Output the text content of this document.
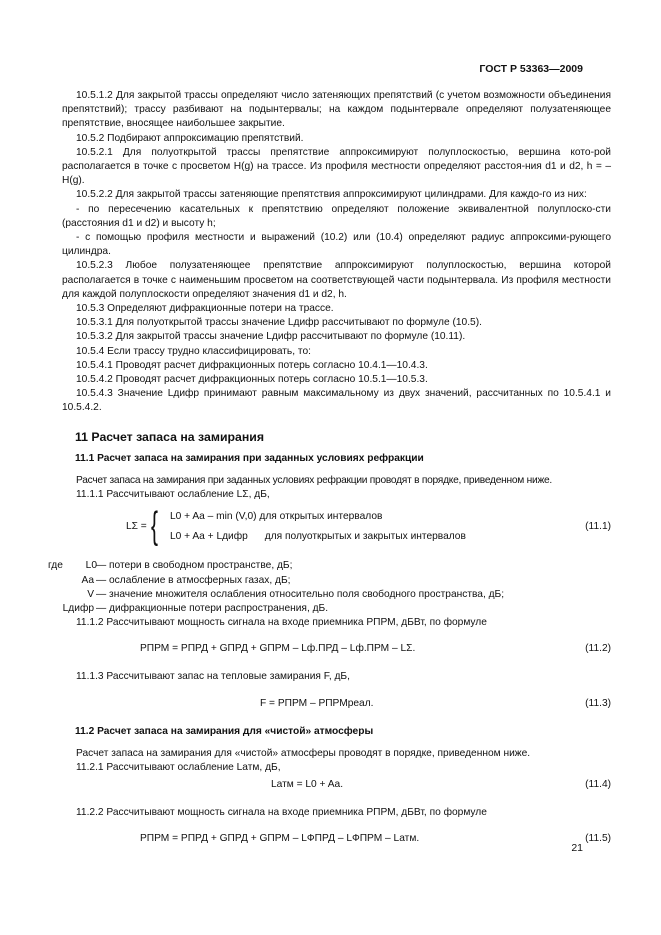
ГОСТ Р 53363—2009

10.5.1.2 Для закрытой трассы определяют число затеняющих препятствий (с учетом возможности объединения препятствий); трассу разбивают на подынтервалы; на каждом подынтервале определяют полузатеняющее препятствие, вносящее наибольшее закрытие.

10.5.2 Подбирают аппроксимацию препятствий.

10.5.2.1 Для полуоткрытой трассы препятствие аппроксимируют полуплоскостью, вершина кото-рой располагается в точке с просветом H(g) на трассе. Из профиля местности определяют расстоя-ния d1 и d2, h = – H(g).

10.5.2.2 Для закрытой трассы затеняющие препятствия аппроксимируют цилиндрами. Для каждо-го из них:

- по пересечению касательных к препятствию определяют положение эквивалентной полуплоско-сти (расстояния d1 и d2) и высоту h;

- с помощью профиля местности и выражений (10.2) или (10.4) определяют радиус аппроксими-рующего цилиндра.

10.5.2.3 Любое полузатеняющее препятствие аппроксимируют полуплоскостью, вершина которой располагается в точке с наименьшим просветом на соответствующей части подынтервала. Из профиля местности для каждой полуплоскости определяют значения d1 и d2, h.

10.5.3 Определяют дифракционные потери на трассе.

10.5.3.1 Для полуоткрытой трассы значение Lдифр рассчитывают по формуле (10.5).

10.5.3.2 Для закрытой трассы значение Lдифр рассчитывают по формуле (10.11).

10.5.4 Если трассу трудно классифицировать, то:

10.5.4.1 Проводят расчет дифракционных потерь согласно 10.4.1—10.4.3.

10.5.4.2 Проводят расчет дифракционных потерь согласно 10.5.1—10.5.3.

10.5.4.3 Значение Lдифр принимают равным максимальному из двух значений, рассчитанных по 10.5.4.1 и 10.5.4.2.

11 Расчет запаса на замирания
11.1 Расчет запаса на замирания при заданных условиях рефракции

Расчет запаса на замирания при заданных условиях рефракции проводят в порядке, приведенном ниже.

11.1.1 Рассчитывают ослабление LΣ, дБ,

LΣ = { L0 + Aа – min (V,0) для открытых интервалов
L0 + Aа + Lдифр для полуоткрытых и закрытых интервалов
(11.1)
где L0 — потери в свободном пространстве, дБ;
Aа — ослабление в атмосферных газах, дБ;
V — значение множителя ослабления относительно поля свободного пространства, дБ;
Lдифр — дифракционные потери распространения, дБ.

11.1.2 Рассчитывают мощность сигнала на входе приемника PПРМ, дБВт, по формуле

PПРМ = PПРД + GПРД + GПРМ – Lф.ПРД – Lф.ПРМ – LΣ.	(11.2)

11.1.3 Рассчитывают запас на тепловые замирания F, дБ,

F = PПРМ – PПРМреал.	(11.3)
11.2 Расчет запаса на замирания для «чистой» атмосферы

Расчет запаса на замирания для «чистой» атмосферы проводят в порядке, приведенном ниже.

11.2.1 Рассчитывают ослабление Lатм, дБ,

Lатм = L0 + Aа.	(11.4)

11.2.2 Рассчитывают мощность сигнала на входе приемника PПРМ, дБВт, по формуле

PПРМ = PПРД + GПРД + GПРМ – LФПРД – LФПРМ – Lатм.	(11.5)
21
